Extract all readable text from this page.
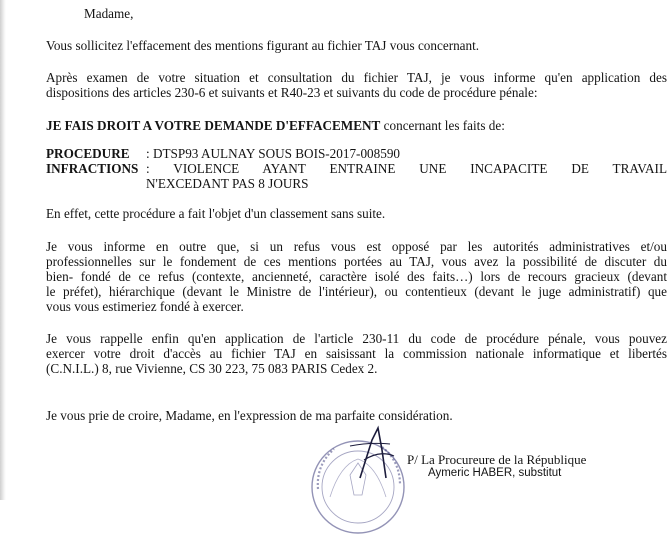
Madame,
Vous sollicitez l'effacement des mentions figurant au fichier TAJ vous concernant.
Après examen de votre situation et consultation du fichier TAJ, je vous informe qu'en application des
dispositions des articles 230-6 et suivants et R40-23 et suivants du code de procédure pénale:
JE FAIS DROIT A VOTRE DEMANDE D'EFFACEMENT concernant les faits de:
PROCEDURE : DTSP93 AULNAY SOUS BOIS-2017-008590
INFRACTIONS : VIOLENCE AYANT ENTRAINE UNE INCAPACITE DE TRAVAIL
N'EXCEDANT PAS 8 JOURS
En effet, cette procédure a fait l'objet d'un classement sans suite.
Je vous informe en outre que, si un refus vous est opposé par les autorités administratives et/ou
professionnelles sur le fondement de ces mentions portées au TAJ, vous avez la possibilité de discuter du
bien- fondé de ce refus (contexte, ancienneté, caractère isolé des faits…) lors de recours gracieux (devant
le préfet), hiérarchique (devant le Ministre de l'intérieur), ou contentieux (devant le juge administratif) que
vous vous estimeriez fondé à exercer.
Je vous rappelle enfin qu'en application de l'article 230-11 du code de procédure pénale, vous pouvez
exercer votre droit d'accès au fichier TAJ en saisissant la commission nationale informatique et libertés
(C.N.I.L.) 8, rue Vivienne, CS 30 223, 75 083 PARIS Cedex 2.
Je vous prie de croire, Madame, en l'expression de ma parfaite considération.
P/ La Procureure de la République
Aymeric HABER, substitut
